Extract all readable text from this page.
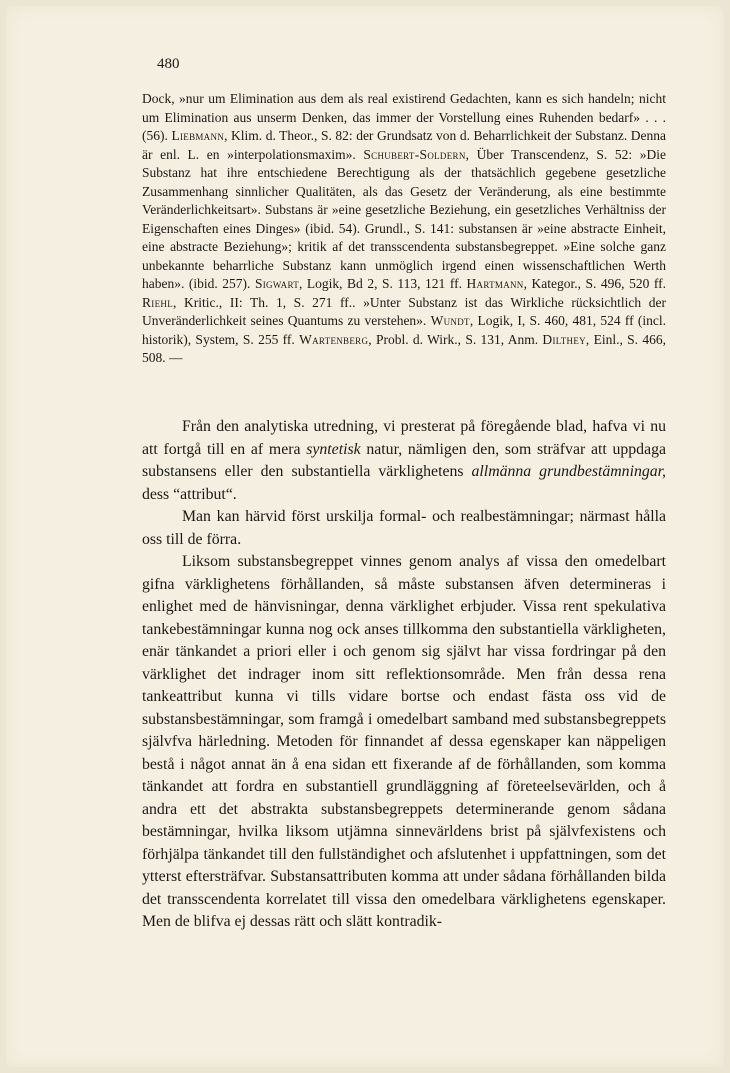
480

Dock, »nur um Elimination aus dem als real existirend Gedachten, kann es sich handeln; nicht um Elimination aus unserm Denken, das immer der Vorstellung eines Ruhenden bedarf» . . . (56). Liebmann, Klim. d. Theor., S. 82: der Grundsatz von d. Beharrlichkeit der Substanz. Denna är enl. L. en »interpolationsmaxim». Schubert-Soldern, Über Transcendenz, S. 52: »Die Substanz hat ihre entschiedene Berechtigung als der thatsächlich gegebene gesetzliche Zusammenhang sinnlicher Qualitäten, als das Gesetz der Veränderung, als eine bestimmte Veränderlichkeitsart». Substans är »eine gesetzliche Beziehung, ein gesetzliches Verhältniss der Eigenschaften eines Dinges» (ibid. 54). Grundl., S. 141: substansen är »eine abstracte Einheit, eine abstracte Beziehung»; kritik af det transscendenta substansbegreppet. »Eine solche ganz unbekannte beharrliche Substanz kann unmöglich irgend einen wissenschaftlichen Werth haben». (ibid. 257). Sigwart, Logik, Bd 2, S. 113, 121 ff. Hartmann, Kategor., S. 496, 520 ff. Riehl, Kritic., II: Th. 1, S. 271 ff.. »Unter Substanz ist das Wirkliche rücksichtlich der Unveränderlichkeit seines Quantums zu verstehen». Wundt, Logik, I, S. 460, 481, 524 ff (incl. historik), System, S. 255 ff. Wartenberg, Probl. d. Wirk., S. 131, Anm. Dilthey, Einl., S. 466, 508. —

Från den analytiska utredning, vi presterat på föregående blad, hafva vi nu att fortgå till en af mera syntetisk natur, nämligen den, som sträfvar att uppdaga substansens eller den substantiella värklighetens allmänna grundbestämningar, dess “attribut“.

Man kan härvid först urskilja formal- och realbestämningar; närmast hålla oss till de förra.

Liksom substansbegreppet vinnes genom analys af vissa den omedelbart gifna värklighetens förhållanden, så måste substansen äfven determineras i enlighet med de hänvisningar, denna värklighet erbjuder. Vissa rent spekulativa tankebestämningar kunna nog ock anses tillkomma den substantiella värkligheten, enär tänkandet a priori eller i och genom sig självt har vissa fordringar på den värklighet det indrager inom sitt reflektionsområde. Men från dessa rena tankeattribut kunna vi tills vidare bortse och endast fästa oss vid de substansbestämningar, som framgå i omedelbart samband med substansbegreppets självfva härledning. Metoden för finnandet af dessa egenskaper kan näppeligen bestå i något annat än å ena sidan ett fixerande af de förhållanden, som komma tänkandet att fordra en substantiell grundläggning af företeelsevärlden, och å andra ett det abstrakta substansbegreppets determinerande genom sådana bestämningar, hvilka liksom utjämna sinnevärldens brist på självfexistens och förhjälpa tänkandet till den fullständighet och afslutenhet i uppfattningen, som det ytterst eftersträfvar. Substansattributen komma att under sådana förhållanden bilda det transscendenta korrelatet till vissa den omedelbara värklighetens egenskaper. Men de blifva ej dessas rätt och slätt kontradik-
